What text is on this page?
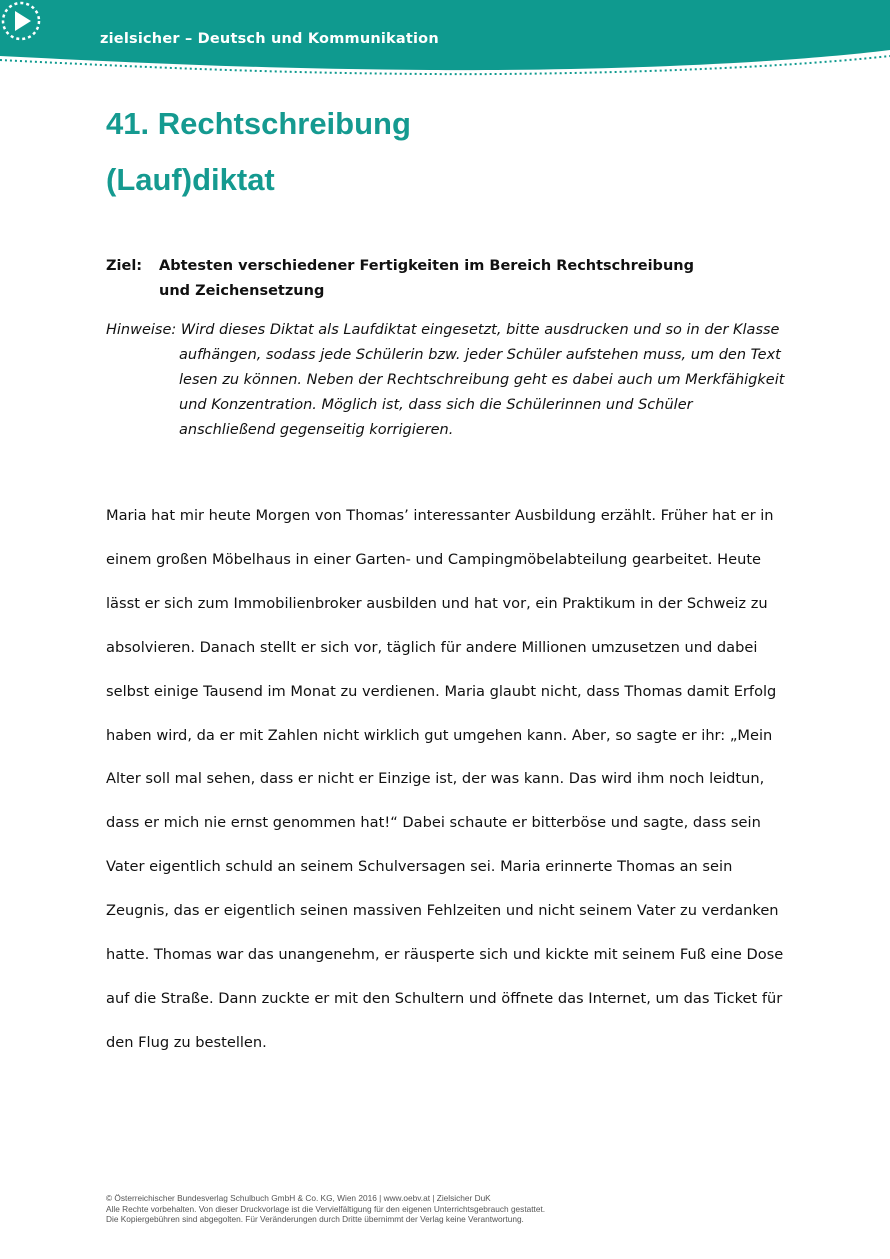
zielsicher – Deutsch und Kommunikation
41. Rechtschreibung
(Lauf)diktat
Ziel: Abtesten verschiedener Fertigkeiten im Bereich Rechtschreibung und Zeichensetzung
Hinweise: Wird dieses Diktat als Laufdiktat eingesetzt, bitte ausdrucken und so in der Klasse
aufhängen, sodass jede Schülerin bzw. jeder Schüler aufstehen muss, um den Text lesen zu können. Neben der Rechtschreibung geht es dabei auch um Merkfähigkeit und Konzentration. Möglich ist, dass sich die Schülerinnen und Schüler anschließend gegenseitig korrigieren.

Maria hat mir heute Morgen von Thomas’ interessanter Ausbildung erzählt. Früher hat er in einem großen Möbelhaus in einer Garten- und Campingmöbelabteilung gearbeitet. Heute lässt er sich zum Immobilienbroker ausbilden und hat vor, ein Praktikum in der Schweiz zu absolvieren. Danach stellt er sich vor, täglich für andere Millionen umzusetzen und dabei selbst einige Tausend im Monat zu verdienen. Maria glaubt nicht, dass Thomas damit Erfolg haben wird, da er mit Zahlen nicht wirklich gut umgehen kann. Aber, so sagte er ihr: „Mein Alter soll mal sehen, dass er nicht er Einzige ist, der was kann. Das wird ihm noch leidtun, dass er mich nie ernst genommen hat!“ Dabei schaute er bitterböse und sagte, dass sein Vater eigentlich schuld an seinem Schulversagen sei. Maria erinnerte Thomas an sein Zeugnis, das er eigentlich seinen massiven Fehlzeiten und nicht seinem Vater zu verdanken hatte. Thomas war das unangenehm, er räusperte sich und kickte mit seinem Fuß eine Dose auf die Straße. Dann zuckte er mit den Schultern und öffnete das Internet, um das Ticket für den Flug zu bestellen.

© Österreichischer Bundesverlag Schulbuch GmbH & Co. KG, Wien 2016 | www.oebv.at | Zielsicher DuK
Alle Rechte vorbehalten. Von dieser Druckvorlage ist die Vervielfältigung für den eigenen Unterrichtsgebrauch gestattet.
Die Kopiergebühren sind abgegolten. Für Veränderungen durch Dritte übernimmt der Verlag keine Verantwortung.
